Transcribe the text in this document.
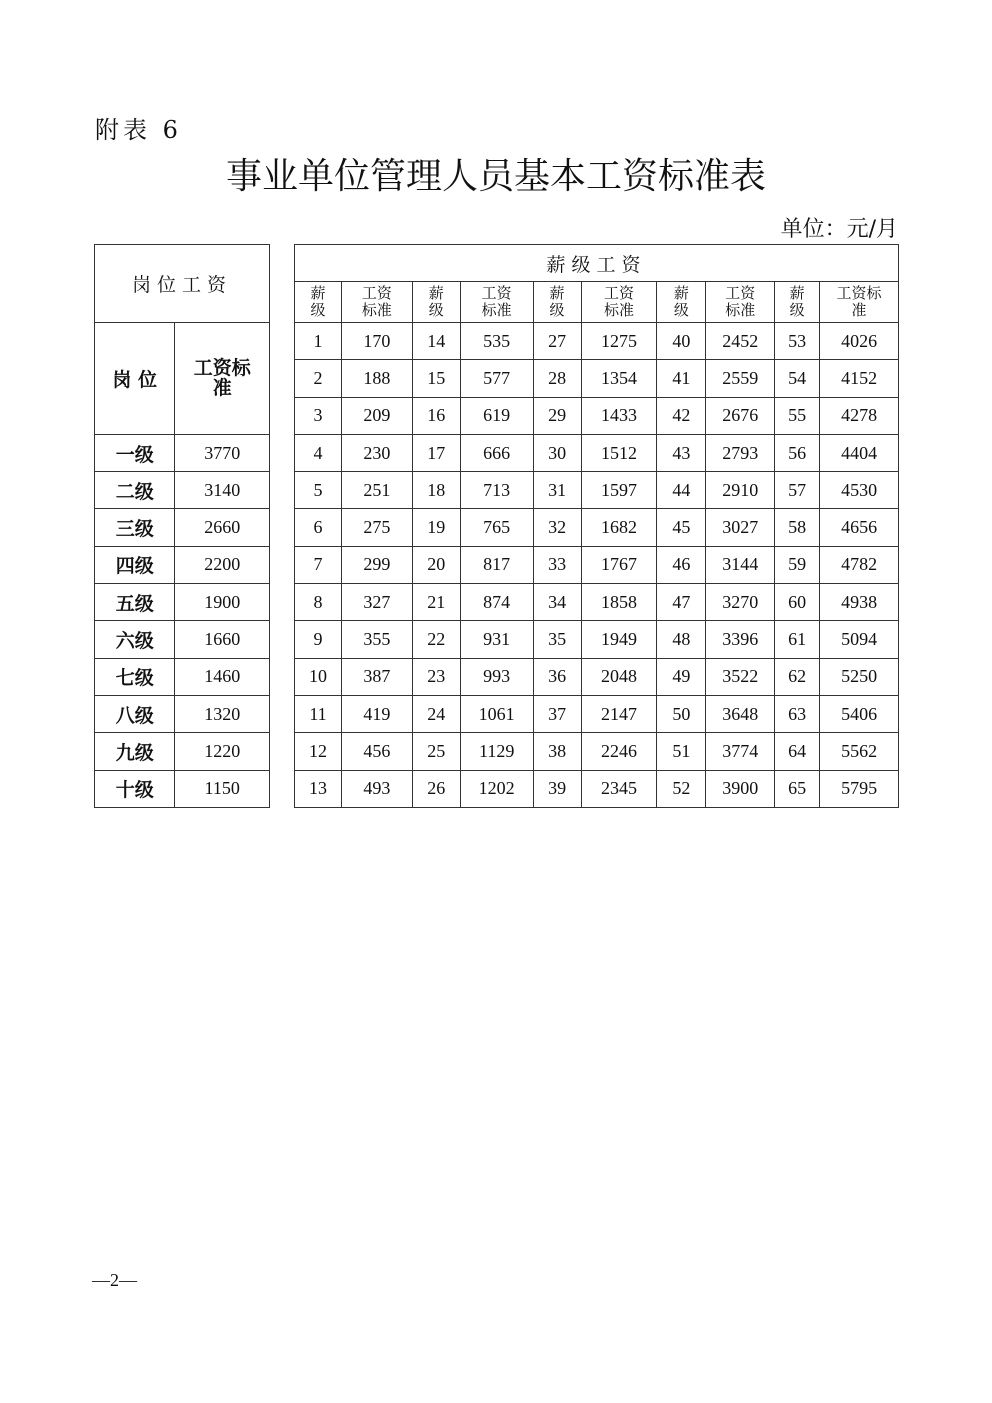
附表 6
事业单位管理人员基本工资标准表
单位：元/月
岗位工资	

岗 位	工资标准

一级	3770
二级	3140
三级	2660
四级	2200
五级	1900
六级	1660
七级	1460
八级	1320
九级	1220
十级	1150
薪级工资									
薪级	工资标准	薪级	工资标准	薪级	工资标准	薪级	工资标准	薪级	工资标准
1	170	14	535	27	1275	40	2452	53	4026
2	188	15	577	28	1354	41	2559	54	4152
3	209	16	619	29	1433	42	2676	55	4278
4	230	17	666	30	1512	43	2793	56	4404
5	251	18	713	31	1597	44	2910	57	4530
6	275	19	765	32	1682	45	3027	58	4656
7	299	20	817	33	1767	46	3144	59	4782
8	327	21	874	34	1858	47	3270	60	4938
9	355	22	931	35	1949	48	3396	61	5094
10	387	23	993	36	2048	49	3522	62	5250
11	419	24	1061	37	2147	50	3648	63	5406
12	456	25	1129	38	2246	51	3774	64	5562
13	493	26	1202	39	2345	52	3900	65	5795
—2—
